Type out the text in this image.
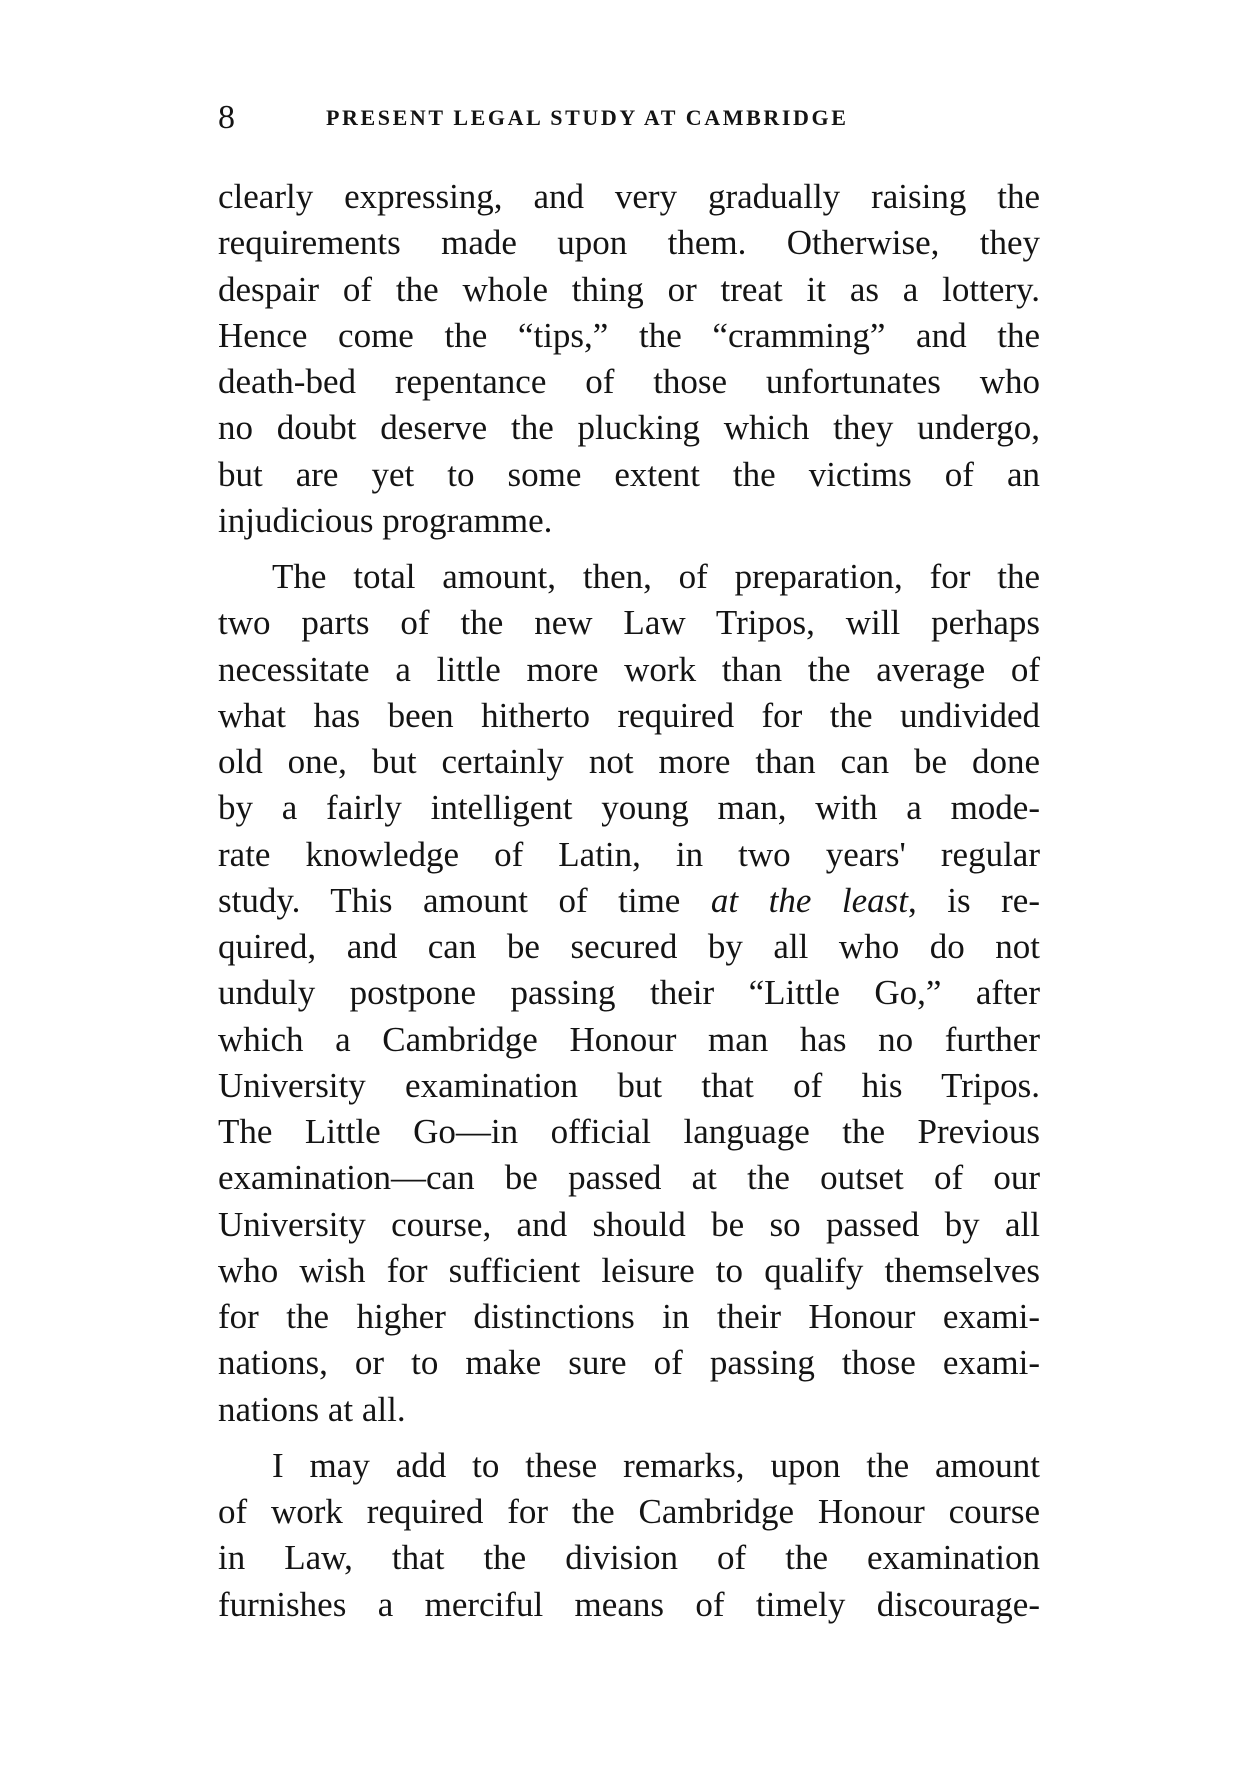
8	PRESENT LEGAL STUDY AT CAMBRIDGE
clearly expressing, and very gradually raising the
requirements made upon them. Otherwise, they
despair of the whole thing or treat it as a lottery.
Hence come the “tips,” the “cramming” and the
death-bed repentance of those unfortunates who
no doubt deserve the plucking which they undergo,
but are yet to some extent the victims of an
injudicious programme.
The total amount, then, of preparation, for the
two parts of the new Law Tripos, will perhaps
necessitate a little more work than the average of
what has been hitherto required for the undivided
old one, but certainly not more than can be done
by a fairly intelligent young man, with a mode-
rate knowledge of Latin, in two years' regular
study. This amount of time at the least, is re-
quired, and can be secured by all who do not
unduly postpone passing their “Little Go,” after
which a Cambridge Honour man has no further
University examination but that of his Tripos.
The Little Go—in official language the Previous
examination—can be passed at the outset of our
University course, and should be so passed by all
who wish for sufficient leisure to qualify themselves
for the higher distinctions in their Honour exami-
nations, or to make sure of passing those exami-
nations at all.
I may add to these remarks, upon the amount
of work required for the Cambridge Honour course
in Law, that the division of the examination
furnishes a merciful means of timely discourage-
